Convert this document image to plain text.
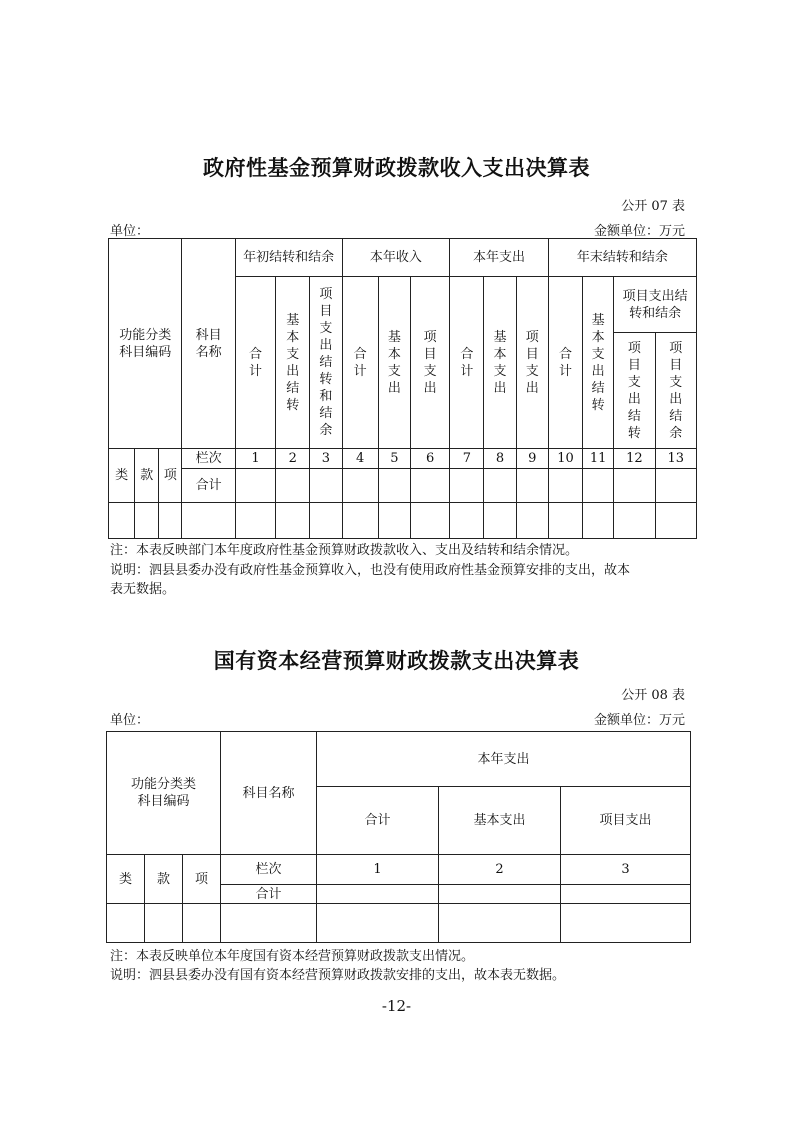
政府性基金预算财政拨款收入支出决算表
公开 07 表
单位：	金额单位：万元
功能分类科目编码			科目名称	年初结转和结余			本年收入			本年支出			年末结转和结余			
				合计	基本支出结转	项目支出结转和结余	合计	基本支出	项目支出	合计	基本支出	项目支出	合计	基本支出结转	项目支出结转和结余	
															项目支出结转	项目支出结余
类	款	项	栏次	1	2	3	4	5	6	7	8	9	10	11	12	13
			合计													

注：本表反映部门本年度政府性基金预算财政拨款收入、支出及结转和结余情况。
说明：泗县县委办没有政府性基金预算收入，也没有使用政府性基金预算安排的支出，故本
表无数据。
国有资本经营预算财政拨款支出决算表
公开 08 表
单位：	金额单位：万元
功能分类类
科目编码			科目名称	本年支出		
				合计	基本支出	项目支出
类	款	项	栏次	1	2	3
			合计			

注：本表反映单位本年度国有资本经营预算财政拨款支出情况。
说明：泗县县委办没有国有资本经营预算财政拨款安排的支出，故本表无数据。
-12-
